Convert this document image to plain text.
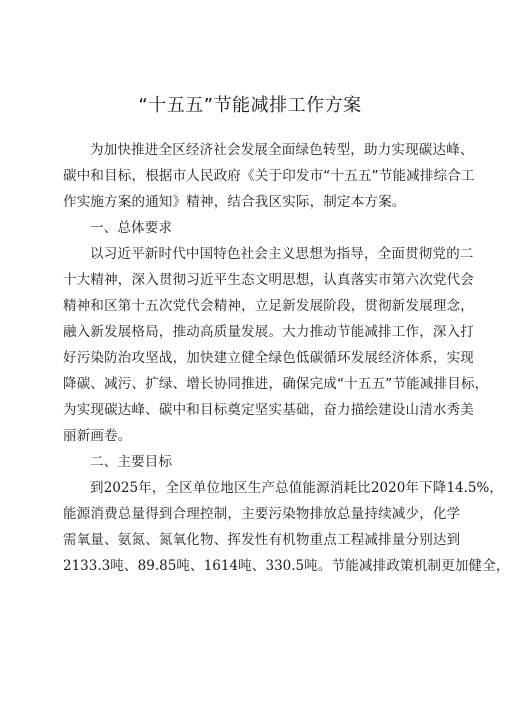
“十五五”节能减排工作方案
为加快推进全区经济社会发展全面绿色转型，助力实现碳达峰、
碳中和目标，根据市人民政府《关于印发市“十五五”节能减排综合工
作实施方案的通知》精神，结合我区实际，制定本方案。
一、总体要求
以习近平新时代中国特色社会主义思想为指导，全面贯彻党的二
十大精神，深入贯彻习近平生态文明思想，认真落实市第六次党代会
精神和区第十五次党代会精神，立足新发展阶段，贯彻新发展理念，
融入新发展格局，推动高质量发展。大力推动节能减排工作，深入打
好污染防治攻坚战，加快建立健全绿色低碳循环发展经济体系，实现
降碳、减污、扩绿、增长协同推进，确保完成“十五五”节能减排目标，
为实现碳达峰、碳中和目标奠定坚实基础，奋力描绘建设山清水秀美
丽新画卷。
二、主要目标
到2025年，全区单位地区生产总值能源消耗比2020年下降14.5%，
能源消费总量得到合理控制，主要污染物排放总量持续减少，化学
需氧量、氨氮、氮氧化物、挥发性有机物重点工程减排量分别达到
2133.3吨、89.85吨、1614吨、330.5吨。节能减排政策机制更加健全，
